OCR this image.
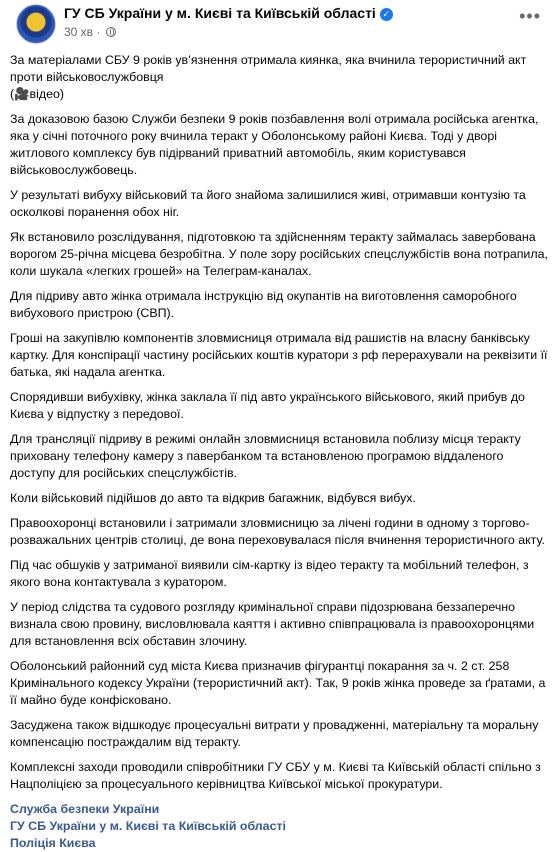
ГУ СБ України у м. Києві та Київській області ✓
30 хв ·
•••

За матеріалами СБУ 9 років ув’язнення отримала киянка, яка вчинила терористичний акт проти військовослужбовця

(🎥відео)

За доказовою базою Служби безпеки 9 років позбавлення волі отримала російська агентка, яка у січні поточного року вчинила теракт у Оболонському районі Києва. Тоді у дворі житлового комплексу був підірваний приватний автомобіль, яким користувався військовослужбовець.

У результаті вибуху військовий та його знайома залишилися живі, отримавши контузію та осколкові поранення обох ніг.

Як встановило розслідування, підготовкою та здійсненням теракту займалась завербована ворогом 25-річна місцева безробітна. У поле зору російських спецслужбістів вона потрапила, коли шукала «легких грошей» на Телеграм-каналах.

Для підриву авто жінка отримала інструкцію від окупантів на виготовлення саморобного вибухового пристрою (СВП).

Гроші на закупівлю компонентів зловмисниця отримала від рашистів на власну банківську картку. Для конспірації частину російських коштів куратори з рф перерахували на реквізити її батька, які надала агентка.

Спорядивши вибухівку, жінка заклала її під авто українського військового, який прибув до Києва у відпустку з передової.

Для трансляції підриву в режимі онлайн зловмисниця встановила поблизу місця теракту приховану телефону камеру з павербанком та встановленою програмою віддаленого доступу для російських спецслужбістів.

Коли військовий підійшов до авто та відкрив багажник, відбувся вибух.

Правоохоронці встановили і затримали зловмисницю за лічені години в одному з торгово-розважальних центрів столиці, де вона переховувалася після вчинення терористичного акту.

Під час обшуків у затриманої виявили сім-картку із відео теракту та мобільний телефон, з якого вона контактувала з куратором.

У період слідства та судового розгляду кримінальної справи підозрювана беззаперечно визнала свою провину, висловлювала каяття і активно співпрацювала із правоохоронцями для встановлення всіх обставин злочину.

Оболонський районний суд міста Києва призначив фігурантці покарання за ч. 2 ст. 258 Кримінального кодексу України (терористичний акт). Так, 9 років жінка проведе за ґратами, а її майно буде конфісковано.

Засуджена також відшкодує процесуальні витрати у провадженні, матеріальну та моральну компенсацію постраждалим від теракту.

Комплексні заходи проводили співробітники ГУ СБУ у м. Києві та Київській області спільно з Нацполіцією за процесуального керівництва Київської міської прокуратури.

Служба безпеки України
ГУ СБ України у м. Києві та Київській області
Поліція Києва
